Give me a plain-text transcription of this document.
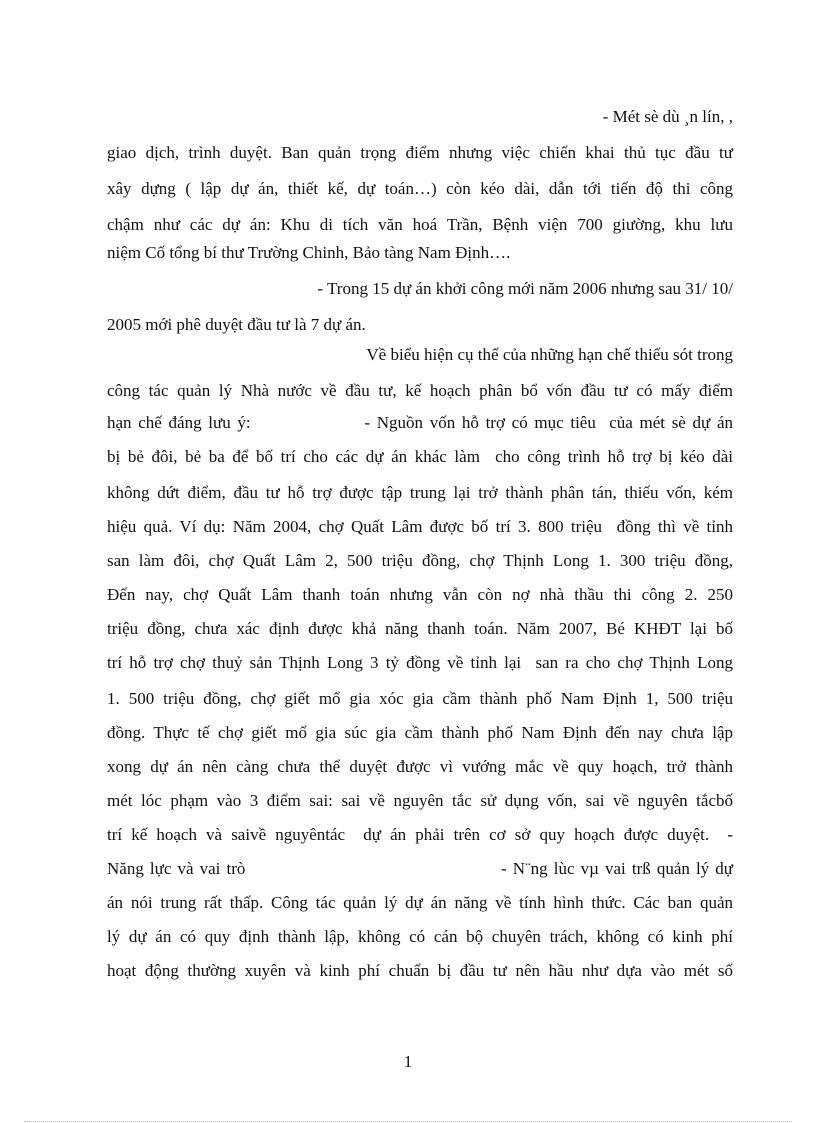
- Mét sè dù ¸n lín, ,
giao dịch, trình duyệt. Ban quản trọng điểm nhưng việc chiển khai thủ tục đầu tư
xây dựng ( lập dự án, thiết kế, dự toán…) còn kéo dài, dẫn tới tiến độ thi công
chậm như các dự án: Khu di tích văn hoá Trần, Bệnh viện 700 giường, khu lưu
niệm Cố tổng bí thư Trường Chinh, Bảo tàng Nam Định….
- Trong 15 dự án khởi công mới năm 2006 nhưng sau 31/ 10/
2005 mới phê duyệt đầu tư là 7 dự án.
Về biểu hiện cụ thể của những hạn chế thiếu sót trong
công tác quản lý Nhà nước về đầu tư, kế hoạch phân bổ vốn đầu tư có mấy điểm
hạn chế đáng lưu ý:                 - Nguồn vốn hỗ trợ có mục tiêu  của mét sè dự án
bị bẻ đôi, bẻ ba để bố trí cho các dự án khác làm  cho công trình hỗ trợ bị kéo dài
không dứt điểm, đầu tư hỗ trợ được tập trung lại trở thành phân tán, thiếu vốn, kém
hiệu quả. Ví dụ: Năm 2004, chợ Quất Lâm được bố trí 3. 800 triệu  đồng thì về tỉnh
san làm đôi, chợ Quất Lâm 2, 500 triệu đồng, chợ Thịnh Long 1. 300 triệu đồng,
Đến nay, chợ Quất Lâm thanh toán nhưng vẫn còn nợ nhà thầu thi công 2. 250
triệu đồng, chưa xác định được khả năng thanh toán. Năm 2007, Bé KHĐT lại bố
trí hỗ trợ chợ thuỷ sản Thịnh Long 3 tỷ đồng về tỉnh lại  san ra cho chợ Thịnh Long
1. 500 triệu đồng, chợ giết mổ gia xóc gia cầm thành phố Nam Định 1, 500 triệu
đồng. Thực tế chợ giết mổ gia súc gia cầm thành phố Nam Định đến nay chưa lập
xong dự án nên càng chưa thể duyệt được vì vướng mắc về quy hoạch, trở thành
mét lóc phạm vào 3 điểm sai: sai về nguyên tắc sử dụng vốn, sai về nguyên tắcbố
trí kế hoạch và saivề nguyêntác  dự án phải trên cơ sở quy hoạch được duyệt.  -
Năng lực và vai trò                                          - N¨ng lùc vµ vai trß quản lý dự
án nói trung rất thấp. Công tác quản lý dự án năng về tính hình thức. Các ban quản
lý dự án có quy định thành lập, không có cán bộ chuyên trách, không có kinh phí
hoạt động thường xuyên và kinh phí chuẩn bị đầu tư nên hầu như dựa vào mét số
1
